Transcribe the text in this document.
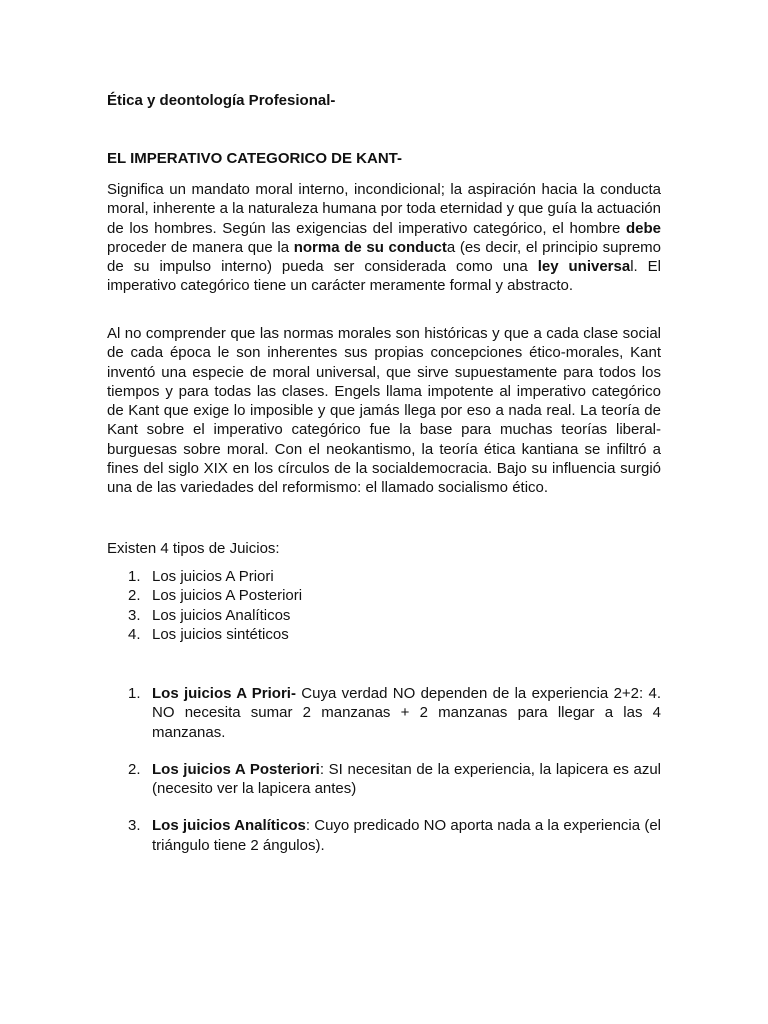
Ética y deontología Profesional-

EL IMPERATIVO CATEGORICO DE KANT-

Significa un mandato moral interno, incondicional; la aspiración hacia la conducta moral, inherente a la naturaleza humana por toda eternidad y que guía la actuación de los hombres. Según las exigencias del imperativo categórico, el hombre debe proceder de manera que la norma de su conducta (es decir, el principio supremo de su impulso interno) pueda ser considerada como una ley universal. El imperativo categórico tiene un carácter meramente formal y abstracto.

Al no comprender que las normas morales son históricas y que a cada clase social de cada época le son inherentes sus propias concepciones ético-morales, Kant inventó una especie de moral universal, que sirve supuestamente para todos los tiempos y para todas las clases. Engels llama impotente al imperativo categórico de Kant que exige lo imposible y que jamás llega por eso a nada real. La teoría de Kant sobre el imperativo categórico fue la base para muchas teorías liberal-burguesas sobre moral. Con el neokantismo, la teoría ética kantiana se infiltró a fines del siglo XIX en los círculos de la socialdemocracia. Bajo su influencia surgió una de las variedades del reformismo: el llamado socialismo ético.

Existen 4 tipos de Juicios:

1. Los juicios A Priori
2. Los juicios A Posteriori
3. Los juicios Analíticos
4. Los juicios sintéticos
1. Los juicios A Priori- Cuya verdad NO dependen de la experiencia 2+2: 4. NO necesita sumar 2 manzanas + 2 manzanas para llegar a las 4 manzanas.
2. Los juicios A Posteriori: SI necesitan de la experiencia, la lapicera es azul (necesito ver la lapicera antes)
3. Los juicios Analíticos: Cuyo predicado NO aporta nada a la experiencia (el triángulo tiene 2 ángulos).
